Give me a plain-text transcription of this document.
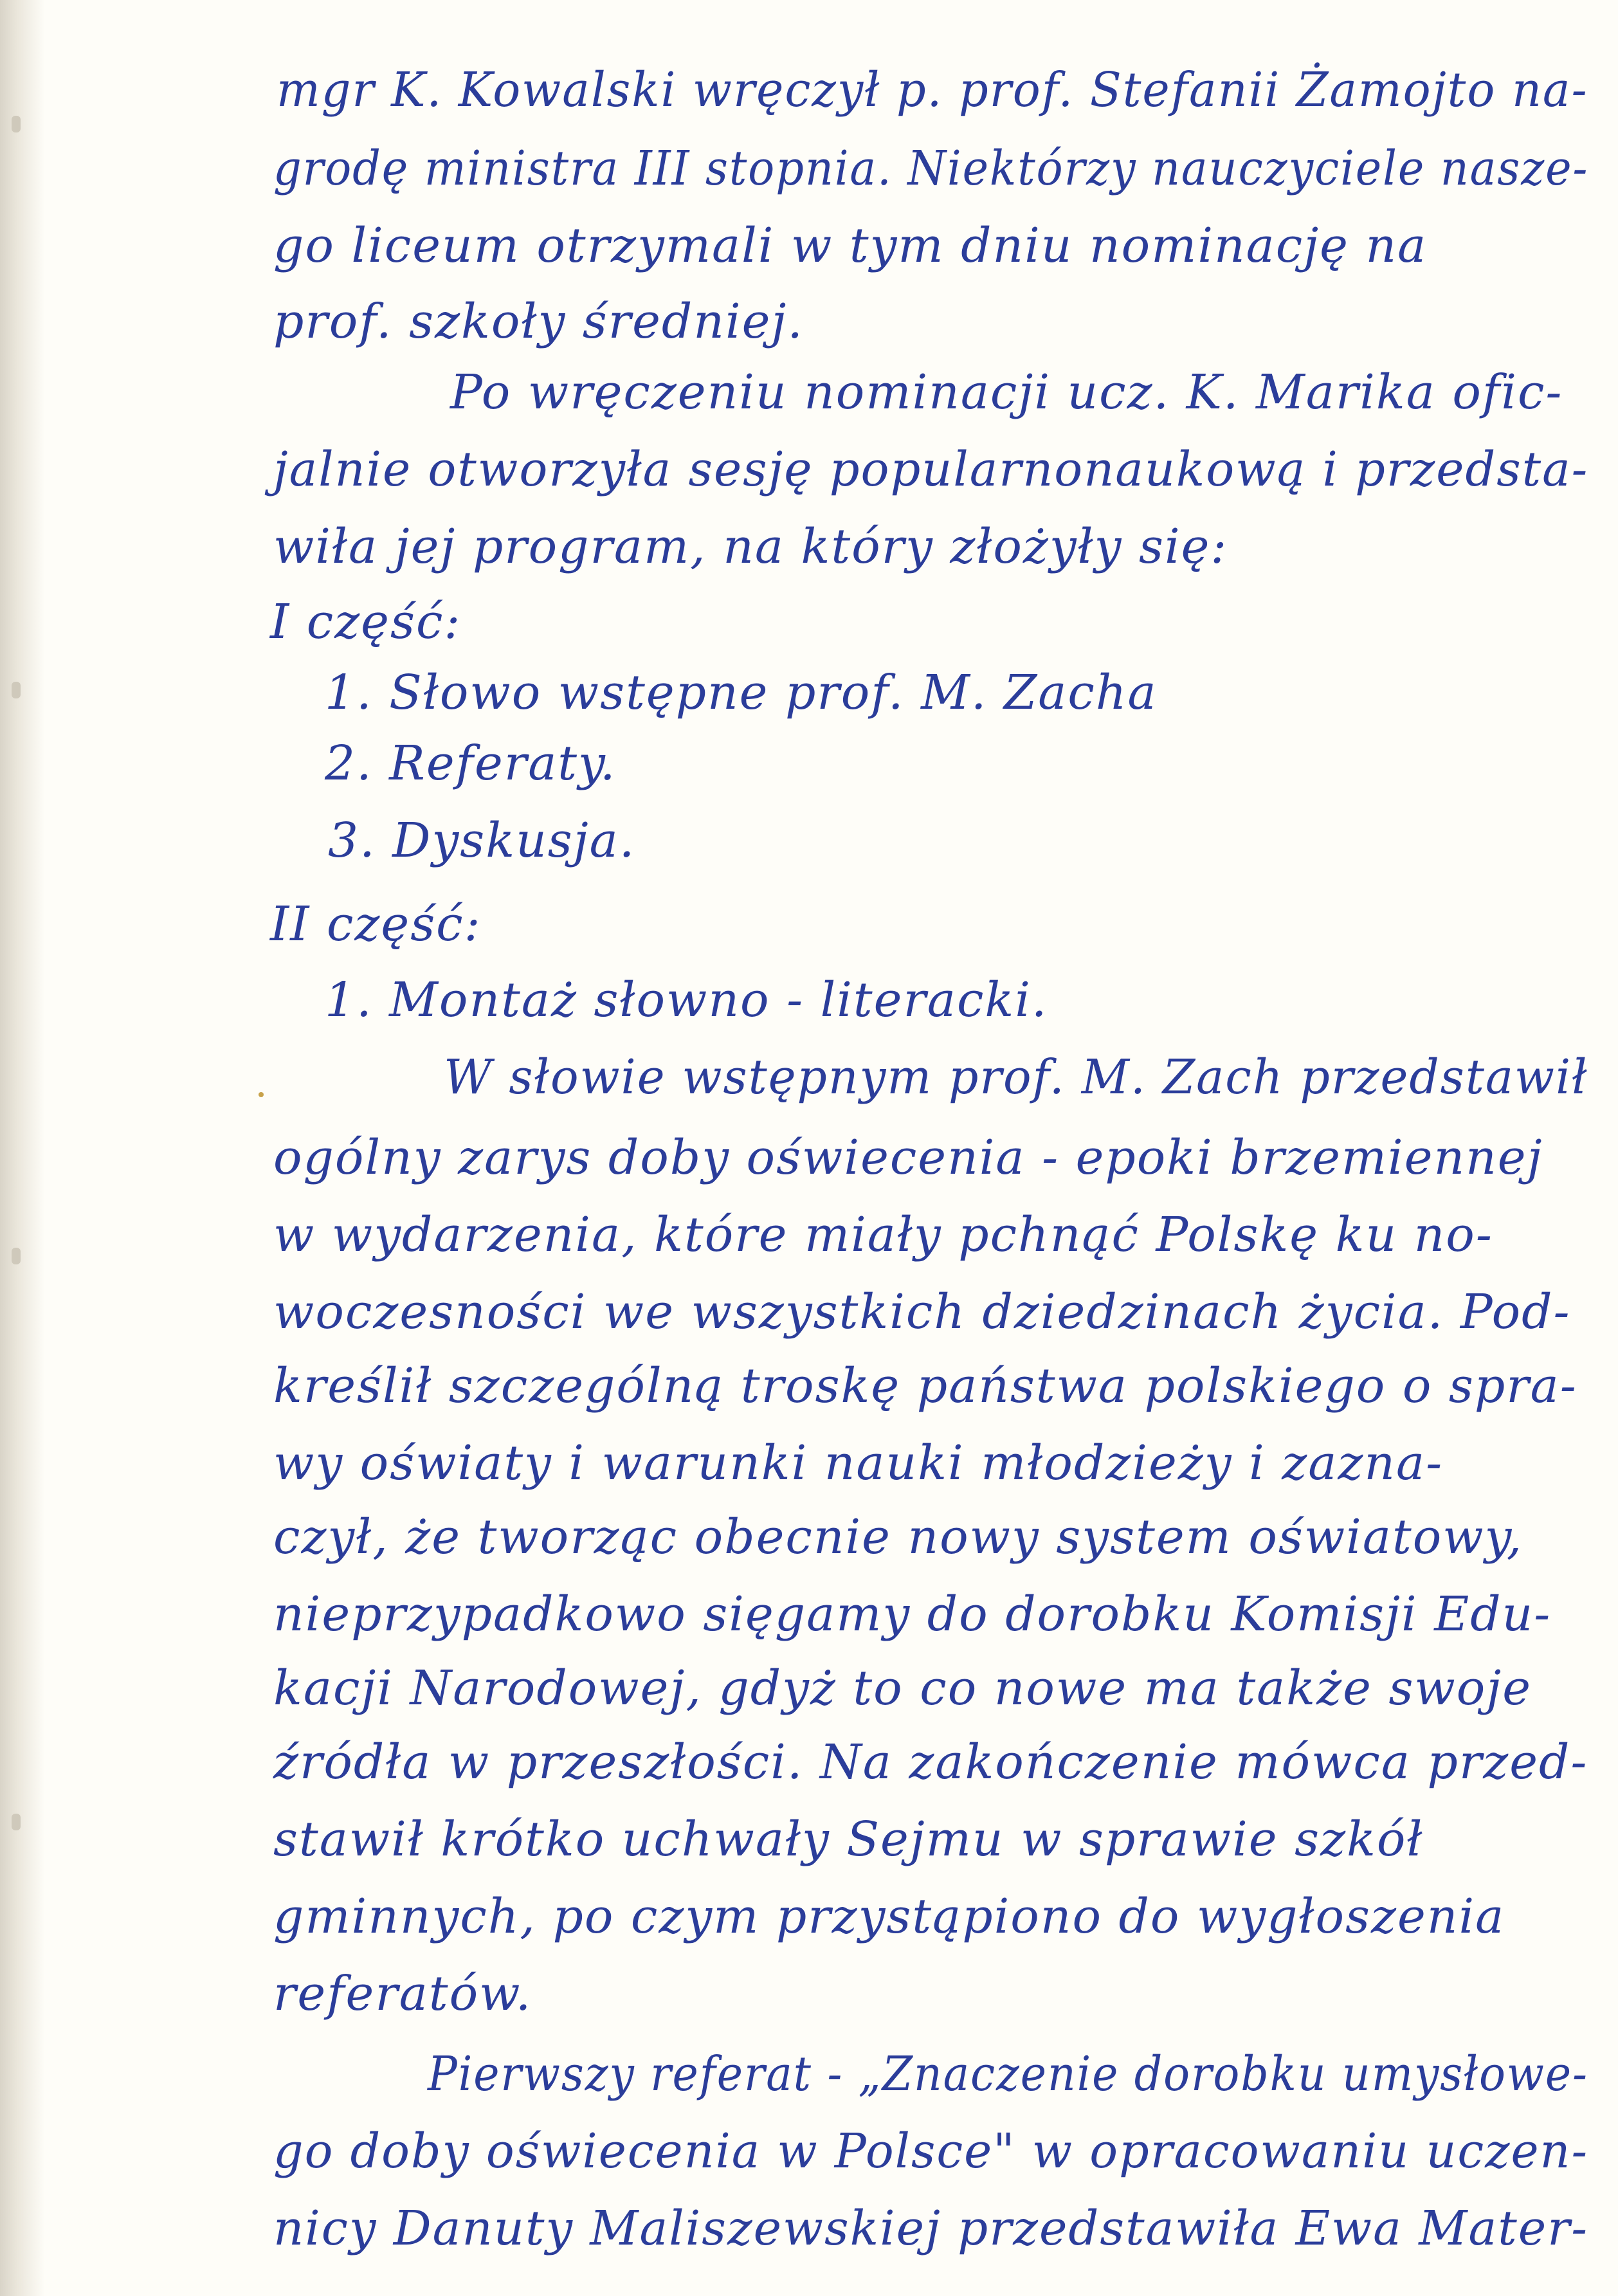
mgr K. Kowalski wręczył p. prof. Stefanii Żamojto na-
grodę ministra III stopnia. Niektórzy nauczyciele nasze-
go liceum otrzymali w tym dniu nominację na
prof. szkoły średniej.
Po wręczeniu nominacji ucz. K. Marika ofic-
jalnie otworzyła sesję popularnonaukową i przedsta-
wiła jej program, na który złożyły się:
I część:
1. Słowo wstępne prof. M. Zacha
2. Referaty.
3. Dyskusja.
II część:
1. Montaż słowno - literacki.
W słowie wstępnym prof. M. Zach przedstawił
ogólny zarys doby oświecenia - epoki brzemiennej
w wydarzenia, które miały pchnąć Polskę ku no-
woczesności we wszystkich dziedzinach życia. Pod-
kreślił szczególną troskę państwa polskiego o spra-
wy oświaty i warunki nauki młodzieży i zazna-
czył, że tworząc obecnie nowy system oświatowy,
nieprzypadkowo sięgamy do dorobku Komisji Edu-
kacji Narodowej, gdyż to co nowe ma także swoje
źródła w przeszłości. Na zakończenie mówca przed-
stawił krótko uchwały Sejmu w sprawie szkół
gminnych, po czym przystąpiono do wygłoszenia
referatów.
Pierwszy referat - „Znaczenie dorobku umysłowe-
go doby oświecenia w Polsce" w opracowaniu uczen-
nicy Danuty Maliszewskiej przedstawiła Ewa Mater-
